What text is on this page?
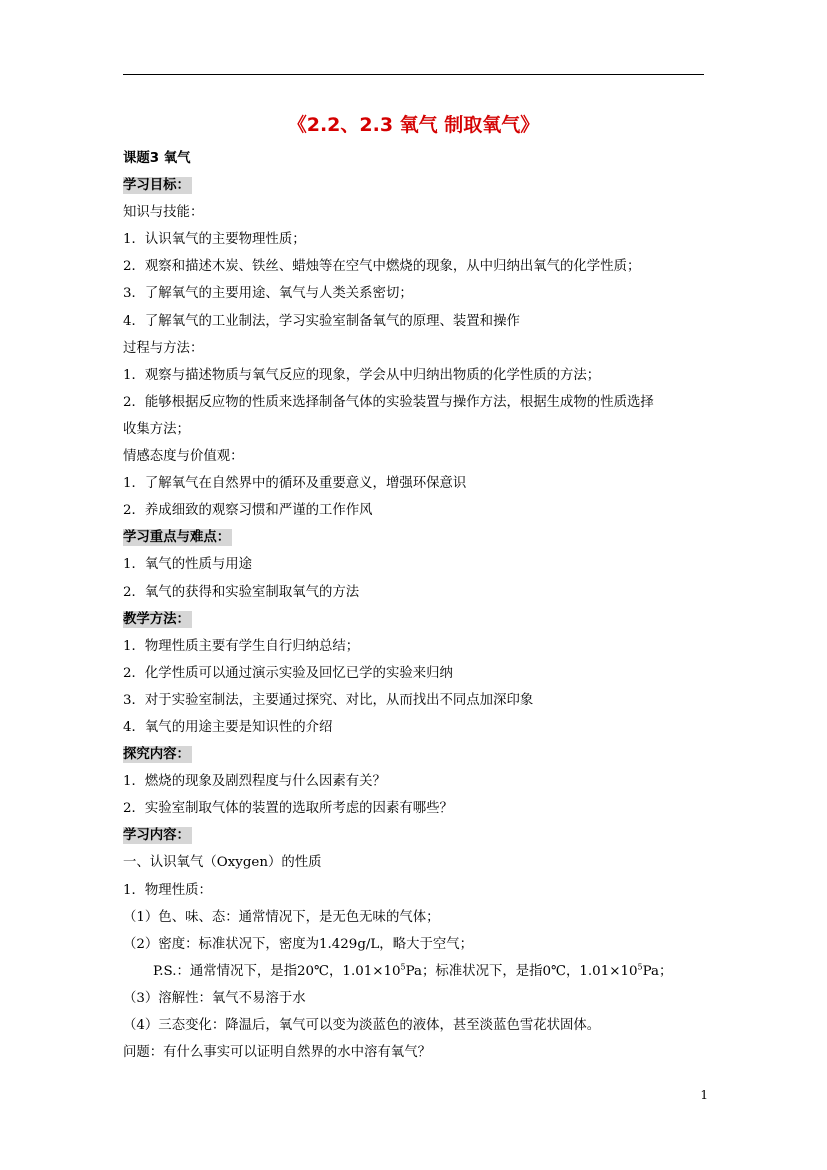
《2.2、2.3 氧气 制取氧气》
课题3 氧气
学习目标：
知识与技能：
1．认识氧气的主要物理性质；
2．观察和描述木炭、铁丝、蜡烛等在空气中燃烧的现象，从中归纳出氧气的化学性质；
3．了解氧气的主要用途、氧气与人类关系密切；
4．了解氧气的工业制法，学习实验室制备氧气的原理、装置和操作
过程与方法：
1．观察与描述物质与氧气反应的现象，学会从中归纳出物质的化学性质的方法；
2．能够根据反应物的性质来选择制备气体的实验装置与操作方法，根据生成物的性质选择
收集方法；
情感态度与价值观：
1．了解氧气在自然界中的循环及重要意义，增强环保意识
2．养成细致的观察习惯和严谨的工作作风
学习重点与难点：
1．氧气的性质与用途
2．氧气的获得和实验室制取氧气的方法
教学方法：
1．物理性质主要有学生自行归纳总结；
2．化学性质可以通过演示实验及回忆已学的实验来归纳
3．对于实验室制法，主要通过探究、对比，从而找出不同点加深印象
4．氧气的用途主要是知识性的介绍
探究内容：
1．燃烧的现象及剧烈程度与什么因素有关？
2．实验室制取气体的装置的选取所考虑的因素有哪些？
学习内容：
一、认识氧气（Oxygen）的性质
1．物理性质：
（1）色、味、态：通常情况下，是无色无味的气体；
（2）密度：标准状况下，密度为1.429g/L，略大于空气；
P.S.：通常情况下，是指20℃，$1.01\times 10^5Pa$；标准状况下，是指0℃，$1.01\times 10^5Pa$；
（3）溶解性：氧气不易溶于水
（4）三态变化：降温后，氧气可以变为淡蓝色的液体，甚至淡蓝色雪花状固体。
问题：有什么事实可以证明自然界的水中溶有氧气？
1
